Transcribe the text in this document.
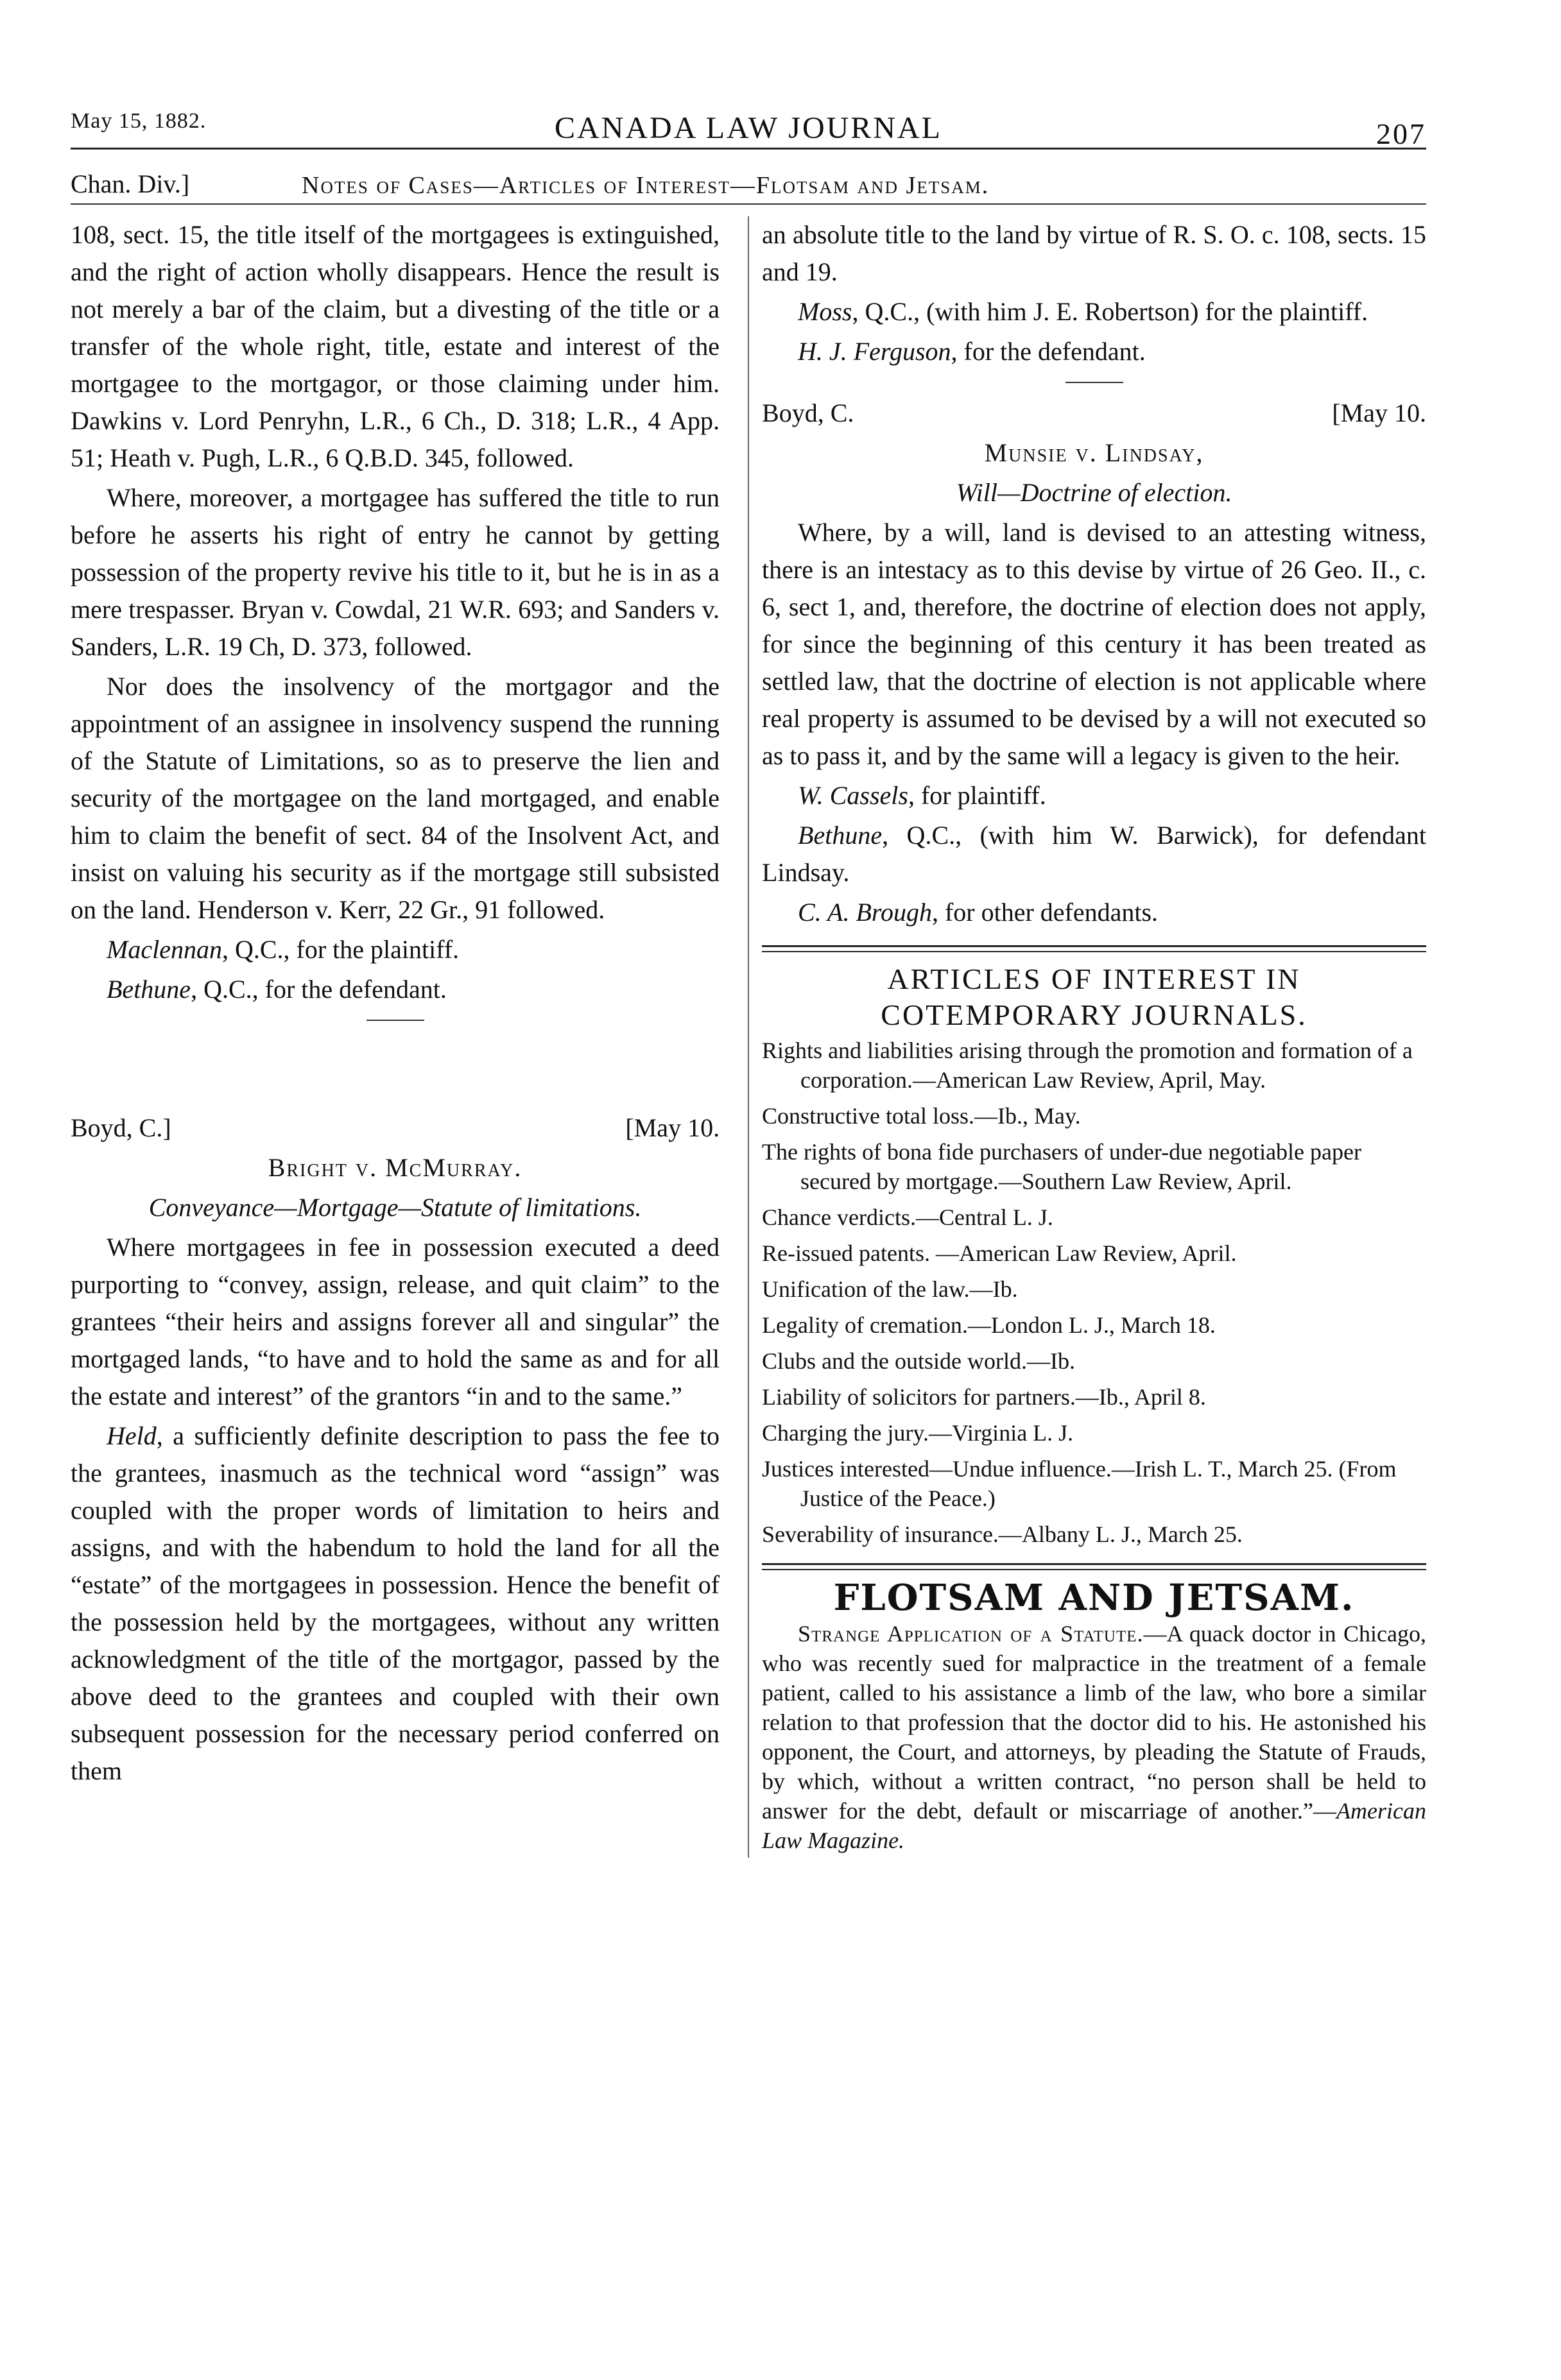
May 15, 1882.	CANADA LAW JOURNAL	207
Chan. Div.]	Notes of Cases—Articles of Interest—Flotsam and Jetsam.

108, sect. 15, the title itself of the mortgagees is extinguished, and the right of action wholly disappears. Hence the result is not merely a bar of the claim, but a divesting of the title or a transfer of the whole right, title, estate and interest of the mortgagee to the mortgagor, or those claiming under him. Dawkins v. Lord Penryhn, L.R., 6 Ch., D. 318; L.R., 4 App. 51; Heath v. Pugh, L.R., 6 Q.B.D. 345, followed.

Where, moreover, a mortgagee has suffered the title to run before he asserts his right of entry he cannot by getting possession of the property revive his title to it, but he is in as a mere trespasser. Bryan v. Cowdal, 21 W.R. 693; and Sanders v. Sanders, L.R. 19 Ch, D. 373, followed.

Nor does the insolvency of the mortgagor and the appointment of an assignee in insolvency suspend the running of the Statute of Limitations, so as to preserve the lien and security of the mortgagee on the land mortgaged, and enable him to claim the benefit of sect. 84 of the Insolvent Act, and insist on valuing his security as if the mortgage still subsisted on the land. Henderson v. Kerr, 22 Gr., 91 followed.

Maclennan, Q.C., for the plaintiff.

Bethune, Q.C., for the defendant.

Boyd, C.]	[May 10.

Bright v. McMurray.

Conveyance—Mortgage—Statute of limitations.

Where mortgagees in fee in possession executed a deed purporting to “convey, assign, release, and quit claim” to the grantees “their heirs and assigns forever all and singular” the mortgaged lands, “to have and to hold the same as and for all the estate and interest” of the grantors “in and to the same.”

Held, a sufficiently definite description to pass the fee to the grantees, inasmuch as the technical word “assign” was coupled with the proper words of limitation to heirs and assigns, and with the habendum to hold the land for all the “estate” of the mortgagees in possession. Hence the benefit of the possession held by the mortgagees, without any written acknowledgment of the title of the mortgagor, passed by the above deed to the grantees and coupled with their own subsequent possession for the necessary period conferred on them

an absolute title to the land by virtue of R. S. O. c. 108, sects. 15 and 19.

Moss, Q.C., (with him J. E. Robertson) for the plaintiff.

H. J. Ferguson, for the defendant.

Boyd, C.	[May 10.

Munsie v. Lindsay,

Will—Doctrine of election.

Where, by a will, land is devised to an attesting witness, there is an intestacy as to this devise by virtue of 26 Geo. II., c. 6, sect 1, and, therefore, the doctrine of election does not apply, for since the beginning of this century it has been treated as settled law, that the doctrine of election is not applicable where real property is assumed to be devised by a will not executed so as to pass it, and by the same will a legacy is given to the heir.

W. Cassels, for plaintiff.

Bethune, Q.C., (with him W. Barwick), for defendant Lindsay.

C. A. Brough, for other defendants.

ARTICLES OF INTEREST IN COTEMPORARY JOURNALS.

Rights and liabilities arising through the promotion and formation of a corporation.—American Law Review, April, May.
Constructive total loss.—Ib., May.
The rights of bona fide purchasers of under-due negotiable paper secured by mortgage.—Southern Law Review, April.
Chance verdicts.—Central L. J.
Re-issued patents. —American Law Review, April.
Unification of the law.—Ib.
Legality of cremation.—London L. J., March 18.
Clubs and the outside world.—Ib.
Liability of solicitors for partners.—Ib., April 8.
Charging the jury.—Virginia L. J.
Justices interested—Undue influence.—Irish L. T., March 25. (From Justice of the Peace.)
Severability of insurance.—Albany L. J., March 25.

FLOTSAM AND JETSAM.

Strange Application of a Statute.—A quack doctor in Chicago, who was recently sued for malpractice in the treatment of a female patient, called to his assistance a limb of the law, who bore a similar relation to that profession that the doctor did to his. He astonished his opponent, the Court, and attorneys, by pleading the Statute of Frauds, by which, without a written contract, “no person shall be held to answer for the debt, default or miscarriage of another.”—American Law Magazine.
